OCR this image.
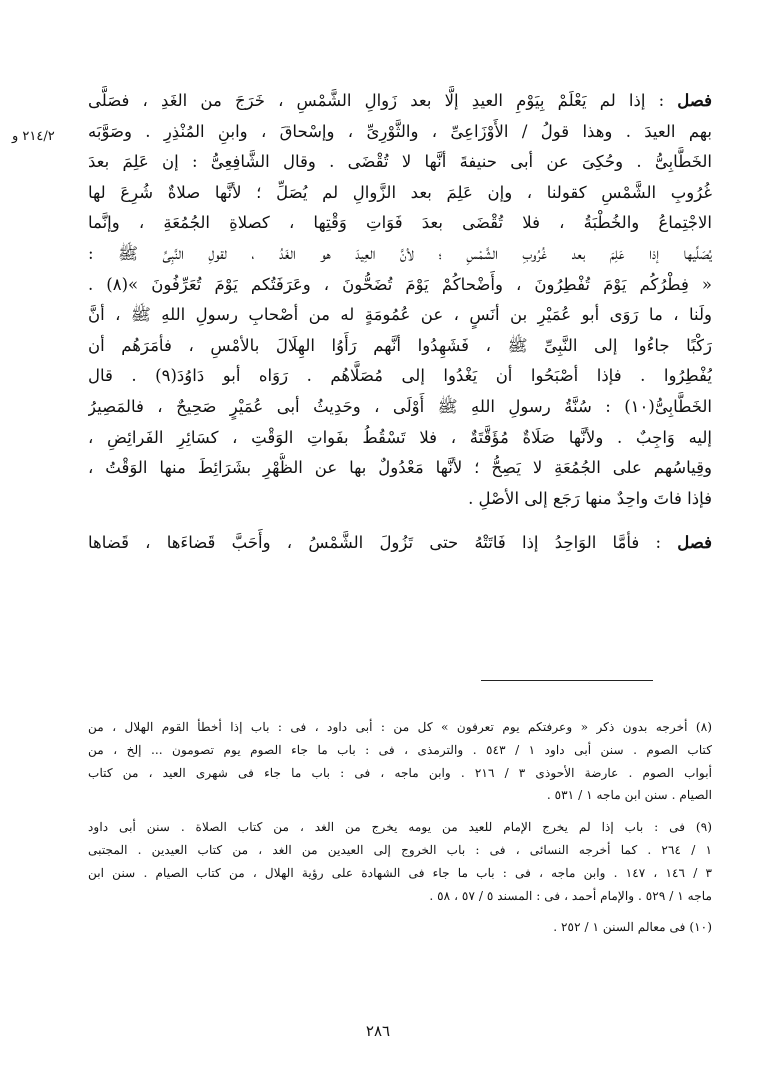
٢١٤/٢ و
فصل : إذا لم يَعْلَمْ بِيَوْمِ العيدِ إلَّا بعد زَوالِ الشَّمْسِ ، خَرَجَ من الغَدِ ، فصَلَّى
بهم العيدَ . وهذا قولُ / الأَوْزَاعِىِّ ، والثَّوْرِىِّ ، وإسْحاقَ ، وابنِ المُنْذِرِ . وصَوَّبَه
الخَطَّابِىُّ . وحُكِىَ عن أبى حنيفةَ أنَّها لا تُقْضَى . وقال الشَّافِعِىُّ : إن عَلِمَ بعدَ
غُرُوبِ الشَّمْسِ كقولنا ، وإن عَلِمَ بعد الزَّوالِ لم يُصَلِّ ؛ لأنَّها صلاةٌ شُرِعَ لها
الاجْتِماعُ والخُطْبَةُ ، فلا تُقْضَى بعدَ فَوَاتِ وَقْتِها ، كصلاةِ الجُمُعَةِ ، وإنَّما
يُصَلِّيها إذا عَلِمَ بعد غُرُوبِ الشَّمْسِ ؛ لأنَّ العِيدَ هو الغَدُ ، لقولِ النَّبِىِّ ﷺ :
« فِطْرُكُم يَوْمَ تُفْطِرُونَ ، وأَضْحاكُمْ يَوْمَ تُضَحُّونَ ، وعَرَفَتُكم يَوْمَ تُعَرِّفُونَ »(٨) .
ولَنا ، ما رَوَى أبو عُمَيْرِ بن أنَسٍ ، عن عُمُومَةٍ له من أصْحابِ رسولِ اللهِ ﷺ ، أنَّ
رَكْبًا جاءُوا إلى النَّبِىِّ ﷺ ، فَشَهِدُوا أنَّهم رَأَوُا الهِلَالَ بالأمْسِ ، فأمَرَهُم أن
يُفْطِرُوا . فإذا أصْبَحُوا أن يَغْدُوا إلى مُصَلَّاهُم . رَوَاه أبو دَاوُدَ(٩) . قال
الخَطَّابِىُّ(١٠) : سُنَّةُ رسولِ اللهِ ﷺ أَوْلَى ، وحَدِيثُ أبى عُمَيْرٍ صَحِيحٌ ، فالمَصِيرُ
إليه وَاجِبٌ . ولأنَّها صَلَاةٌ مُؤَقَّتَةٌ ، فلا تَسْقُطُ بفَواتِ الوَقْتِ ، كسَائِرِ الفَرائِضِ ،
وقِياسُهم على الجُمُعَةِ لا يَصِحُّ ؛ لأنَّها مَعْدُولٌ بها عن الظُّهْرِ بشَرَائِطَ منها الوَقْتُ ،
فإذا فاتَ واحِدٌ منها رَجَع إلى الأصْلِ .
فصل : فأمَّا الوَاحِدُ إذا فَاتَتْهُ حتى تَزُولَ الشَّمْسُ ، وأَحَبَّ قَضاءَها ، قَضاها
(٨) أخرجه بدون ذكر « وعرفتكم يوم تعرفون » كل من : أبى داود ، فى : باب إذا أخطأ القوم الهلال ، من
كتاب الصوم . سنن أبى داود ١ / ٥٤٣ . والترمذى ، فى : باب ما جاء الصوم يوم تصومون ... إلخ ، من
أبواب الصوم . عارضة الأحوذى ٣ / ٢١٦ . وابن ماجه ، فى : باب ما جاء فى شهرى العيد ، من كتاب
الصيام . سنن ابن ماجه ١ / ٥٣١ .
(٩) فى : باب إذا لم يخرج الإمام للعيد من يومه يخرج من الغد ، من كتاب الصلاة . سنن أبى داود
١ / ٢٦٤ . كما أخرجه النسائى ، فى : باب الخروج إلى العيدين من الغد ، من كتاب العيدين . المجتبى
٣ / ١٤٦ ، ١٤٧ . وابن ماجه ، فى : باب ما جاء فى الشهادة على رؤية الهلال ، من كتاب الصيام . سنن ابن
ماجه ١ / ٥٢٩ . والإمام أحمد ، فى : المسند ٥ / ٥٧ ، ٥٨ .
(١٠) فى معالم السنن ١ / ٢٥٢ .
٢٨٦
